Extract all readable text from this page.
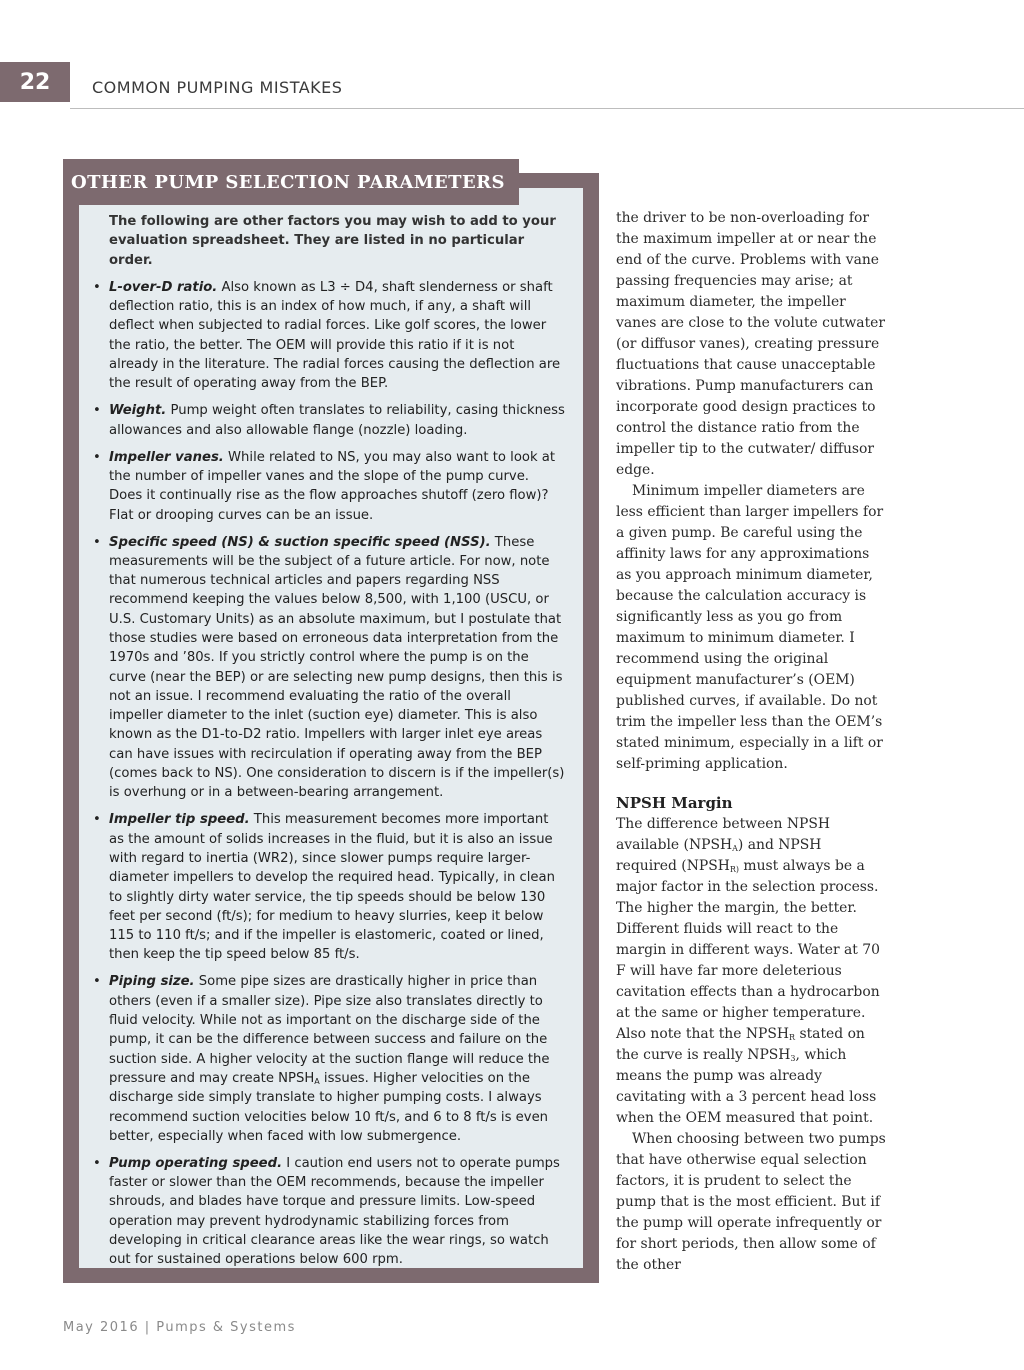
22	COMMON PUMPING MISTAKES
OTHER PUMP SELECTION PARAMETERS

The following are other factors you may wish to add to your evaluation spreadsheet. They are listed in no particular order.

• L-over-D ratio. Also known as L3 ÷ D4, shaft slenderness or shaft deflection ratio, this is an index of how much, if any, a shaft will deflect when subjected to radial forces. Like golf scores, the lower the ratio, the better. The OEM will provide this ratio if it is not already in the literature. The radial forces causing the deflection are the result of operating away from the BEP.
• Weight. Pump weight often translates to reliability, casing thickness allowances and also allowable flange (nozzle) loading.
• Impeller vanes. While related to NS, you may also want to look at the number of impeller vanes and the slope of the pump curve. Does it continually rise as the flow approaches shutoff (zero flow)? Flat or drooping curves can be an issue.
• Specific speed (NS) & suction specific speed (NSS). These measurements will be the subject of a future article. For now, note that numerous technical articles and papers regarding NSS recommend keeping the values below 8,500, with 1,100 (USCU, or U.S. Customary Units) as an absolute maximum, but I postulate that those studies were based on erroneous data interpretation from the 1970s and ’80s. If you strictly control where the pump is on the curve (near the BEP) or are selecting new pump designs, then this is not an issue. I recommend evaluating the ratio of the overall impeller diameter to the inlet (suction eye) diameter. This is also known as the D1-to-D2 ratio. Impellers with larger inlet eye areas can have issues with recirculation if operating away from the BEP (comes back to NS). One consideration to discern is if the impeller(s) is overhung or in a between-bearing arrangement.
• Impeller tip speed. This measurement becomes more important as the amount of solids increases in the fluid, but it is also an issue with regard to inertia (WR2), since slower pumps require larger-diameter impellers to develop the required head. Typically, in clean to slightly dirty water service, the tip speeds should be below 130 feet per second (ft/s); for medium to heavy slurries, keep it below 115 to 110 ft/s; and if the impeller is elastomeric, coated or lined, then keep the tip speed below 85 ft/s.
• Piping size. Some pipe sizes are drastically higher in price than others (even if a smaller size). Pipe size also translates directly to fluid velocity. While not as important on the discharge side of the pump, it can be the difference between success and failure on the suction side. A higher velocity at the suction flange will reduce the pressure and may create $NPSH_A$ issues. Higher velocities on the discharge side simply translate to higher pumping costs. I always recommend suction velocities below 10 ft/s, and 6 to 8 ft/s is even better, especially when faced with low submergence.
• Pump operating speed. I caution end users not to operate pumps faster or slower than the OEM recommends, because the impeller shrouds, and blades have torque and pressure limits. Low-speed operation may prevent hydrodynamic stabilizing forces from developing in critical clearance areas like the wear rings, so watch out for sustained operations below 600 rpm.

the driver to be non-overloading for the maximum impeller at or near the end of the curve. Problems with vane passing frequencies may arise; at maximum diameter, the impeller vanes are close to the volute cutwater (or diffusor vanes), creating pressure fluctuations that cause unacceptable vibrations. Pump manufacturers can incorporate good design practices to control the distance ratio from the impeller tip to the cutwater/ diffusor edge.

Minimum impeller diameters are less efficient than larger impellers for a given pump. Be careful using the affinity laws for any approximations as you approach minimum diameter, because the calculation accuracy is significantly less as you go from maximum to minimum diameter. I recommend using the original equipment manufacturer’s (OEM) published curves, if available. Do not trim the impeller less than the OEM’s stated minimum, especially in a lift or self-priming application.

NPSH Margin

The difference between NPSH available $(NPSH_A)$ and NPSH required ($NPSH_{R)}$ must always be a major factor in the selection process. The higher the margin, the better. Different fluids will react to the margin in different ways. Water at 70 F will have far more deleterious cavitation effects than a hydrocarbon at the same or higher temperature. Also note that the $NPSH_R$ stated on the curve is really $NPSH_3$, which means the pump was already cavitating with a 3 percent head loss when the OEM measured that point.

When choosing between two pumps that have otherwise equal selection factors, it is prudent to select the pump that is the most efficient. But if the pump will operate infrequently or for short periods, then allow some of the other

May 2016 | Pumps & Systems
